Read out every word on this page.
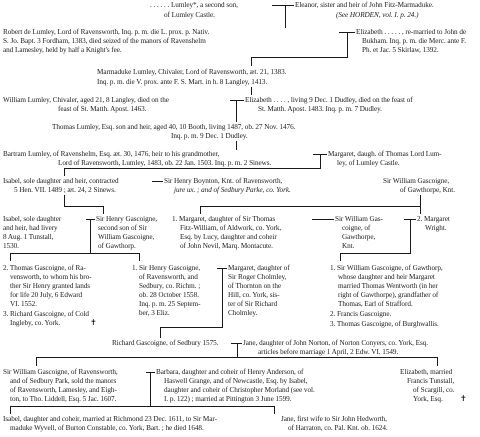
. . . . . . Lumley*, a second son,
of Lumley Castle.
Eleanor, sister and heir of John Fitz-Marmaduke.
(See HORDEN, vol. I. p. 24.)
Robert de Lumley, Lord of Ravensworth, Inq. p. m. die L. prox. p. Nativ.
S. Jo. Bapt. 3 Fordham, 1383, died seized of the manors of Ravenshelm
and Lamesley, held by half a Knight's fee.
Elizabeth . . . . . , re-married to John de
Bukham. Inq. p. m. die Merc. ante F.
Ph. et Jac. 5 Skirlaw, 1392.
Marmaduke Lumley, Chivaler, Lord of Ravensworth, æt. 21, 1383.
Inq. p. m. die V. prox. ante F. S. Mart. in h. 8 Langley, 1413.
William Lumley, Chivaler, aged 21, 8 Langley, died on the
feast of St. Matth. Apost. 1463.
Elizabeth . . . . , living 9 Dec. 1 Dudley, died on the feast of
St. Matth. Apost. 1483. Inq. p. m. 7 Dudley.
Thomas Lumley, Esq. son and heir, aged 40, 10 Booth, living 1487, ob. 27 Nov. 1476.
Inq. p. m. 9 Dec. 1 Dudley.
Bartram Lumley, of Ravenshelm, Esq. æt. 30, 1476, heir to his grandmother,
Lord of Ravensworth, Lumley, 1483, ob. 22 Jan. 1503. Inq. p. m. 2 Sinews.
Margaret, daugh. of Thomas Lord Lum-
ley, of Lumley Castle.
Isabel, sole daughter and heir, contracted
5 Hen. VII. 1489 ; æt. 24, 2 Sinews.
Sir Henry Boynton, Knt. of Ravensworth,
jure ux. ; and of Sedbury Parke, co. York.
Sir William Gascoigne,
of Gawthorpe, Knt.
Isabel, sole daughter
and heir, had livery
8 Aug. 1 Tunstall,
1530.
Sir Henry Gascoigne,
second son of Sir
William Gascoigne,
of Gawthorp.
1. Margaret, daughter of Sir Thomas
Fitz-William, of Aldwork, co. York,
Esq. by Lucy, daughter and coheir
of John Nevil, Marq. Montacute.
Sir William Gas-
coigne, of
Gawthorpe,
Knt.
2. Margaret
Wright.
2. Thomas Gascoigne, of Ra-
vensworth, to whom his bro-
ther Sir Henry granted lands
for life 20 July, 6 Edward
VI. 1552.
3. Richard Gascoigne, of Cold
Ingleby, co. York.	✝
1. Sir Henry Gascoigne,
of Ravensworth, and
Sedbury, co. Richm. ;
ob. 28 October 1558.
Inq. p. m. 25 Septem-
ber, 3 Eliz.
Margaret, daughter of
Sir Roger Cholmley,
of Thornton on the
Hill, co. York, sis-
ter of Sir Richard
Cholmley.
1. Sir William Gascoigne, of Gawthorp,
whose daughter and heir Margaret
married Thomas Wentworth (in her
right of Gawthorpe), grandfather of
Thomas, Earl of Strafford.
2. Francis Gascoigne.
3. Thomas Gascoigne, of Burghwallis.
Richard Gascoigne, of Sedbury 1575.	Jane, daughter of John Norton, of Norton Conyers, co. York, Esq.
articles before marriage 1 April, 2 Edw. VI. 1549.
Sir William Gascoigne, of Ravensworth,
and of Sedbury Park, sold the manors
of Ravensworth, Lamesley, and Eigh-
ton, to Tho. Liddell, Esq. 5 Jac. 1607.
Barbara, daughter and coheir of Henry Anderson, of
Haswell Grange, and of Newcastle, Esq. by Isabel,
daughter and coheir of Christopher Morland (see vol.
I. p. 122) ; married at Pittington 3 June 1599.
Elizabeth, married
Francis Tunstall,
of Scargill, co.
York, Esq. ✝
Isabel, daughter and coheir, married at Richmond 23 Dec. 1611, to Sir Mar-
maduke Wyvell, of Burton Constable, co. York, Bart. ; he died 1648.
Jane, first wife to Sir John Hedworth,
of Harraton, co. Pal. Knt. ob. 1624.
